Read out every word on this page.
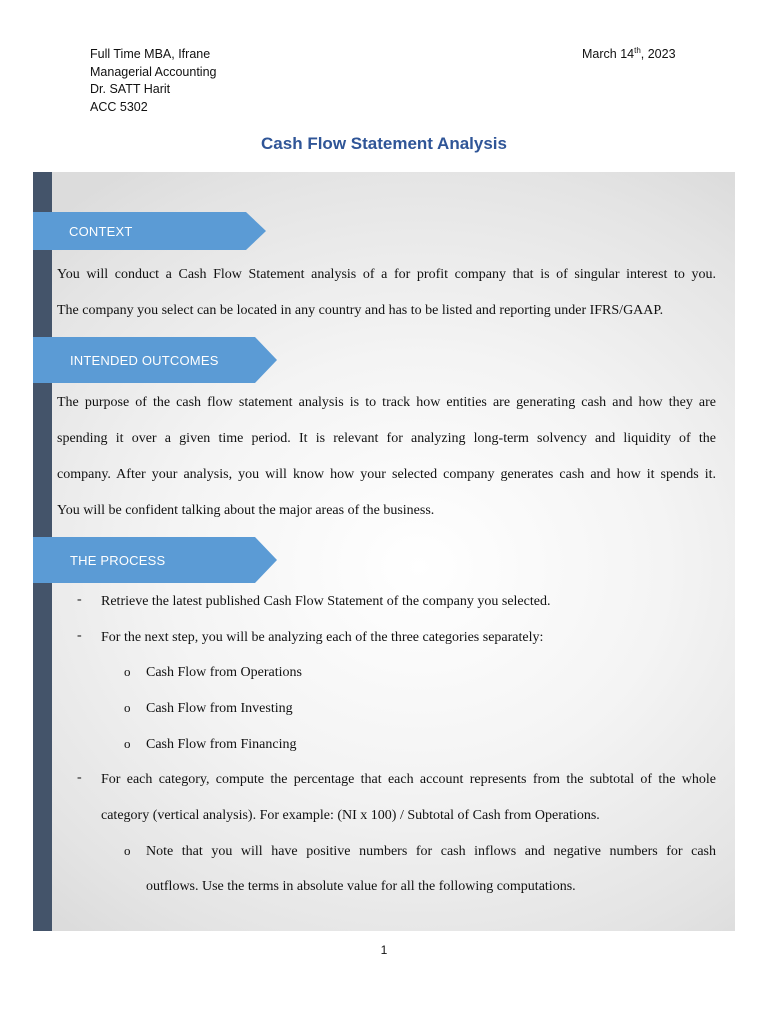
Full Time MBA, Ifrane
Managerial Accounting
Dr. SATT Harit
ACC 5302
March 14th, 2023
Cash Flow Statement Analysis
CONTEXT
You will conduct a Cash Flow Statement analysis of a for profit company that is of singular interest to you.
The company you select can be located in any country and has to be listed and reporting under IFRS/GAAP.
INTENDED OUTCOMES
The purpose of the cash flow statement analysis is to track how entities are generating cash and how they are
spending it over a given time period. It is relevant for analyzing long-term solvency and liquidity of the
company. After your analysis, you will know how your selected company generates cash and how it spends it.
You will be confident talking about the major areas of the business.
THE PROCESS
- Retrieve the latest published Cash Flow Statement of the company you selected.
- For the next step, you will be analyzing each of the three categories separately:
o Cash Flow from Operations
o Cash Flow from Investing
o Cash Flow from Financing
- For each category, compute the percentage that each account represents from the subtotal of the whole
category (vertical analysis). For example: (NI x 100) / Subtotal of Cash from Operations.
o Note that you will have positive numbers for cash inflows and negative numbers for cash
outflows. Use the terms in absolute value for all the following computations.
1
